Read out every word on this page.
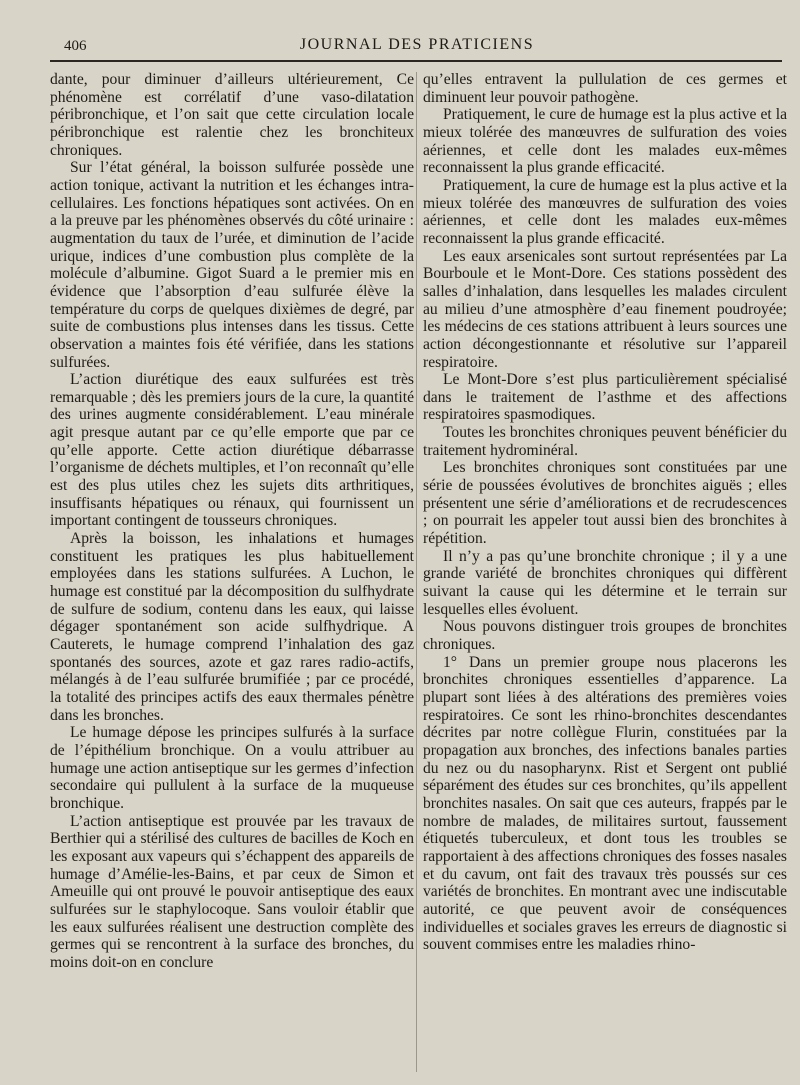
406	JOURNAL DES PRATICIENS

dante, pour diminuer d’ailleurs ultérieurement, Ce phénomène est corrélatif d’une vaso-dilatation péribronchique, et l’on sait que cette circulation locale péribronchique est ralentie chez les bronchiteux chroniques.

Sur l’état général, la boisson sulfurée possède une action tonique, activant la nutrition et les échanges intra-cellulaires. Les fonctions hépatiques sont activées. On en a la preuve par les phénomènes observés du côté urinaire : augmentation du taux de l’urée, et diminution de l’acide urique, indices d’une combustion plus complète de la molécule d’albumine. Gigot Suard a le premier mis en évidence que l’absorption d’eau sulfurée élève la température du corps de quelques dixièmes de degré, par suite de combustions plus intenses dans les tissus. Cette observation a maintes fois été vérifiée, dans les stations sulfurées.

L’action diurétique des eaux sulfurées est très remarquable ; dès les premiers jours de la cure, la quantité des urines augmente considérablement. L’eau minérale agit presque autant par ce qu’elle emporte que par ce qu’elle apporte. Cette action diurétique débarrasse l’organisme de déchets multiples, et l’on reconnaît qu’elle est des plus utiles chez les sujets dits arthritiques, insuffisants hépatiques ou rénaux, qui fournissent un important contingent de tousseurs chroniques.

Après la boisson, les inhalations et humages constituent les pratiques les plus habituellement employées dans les stations sulfurées. A Luchon, le humage est constitué par la décomposition du sulfhydrate de sulfure de sodium, contenu dans les eaux, qui laisse dégager spontanément son acide sulfhydrique. A Cauterets, le humage comprend l’inhalation des gaz spontanés des sources, azote et gaz rares radio-actifs, mélangés à de l’eau sulfurée brumifiée ; par ce procédé, la totalité des principes actifs des eaux thermales pénètre dans les bronches.

Le humage dépose les principes sulfurés à la surface de l’épithélium bronchique. On a voulu attribuer au humage une action antiseptique sur les germes d’infection secondaire qui pullulent à la surface de la muqueuse bronchique.

L’action antiseptique est prouvée par les travaux de Berthier qui a stérilisé des cultures de bacilles de Koch en les exposant aux vapeurs qui s’échappent des appareils de humage d’Amélie-les-Bains, et par ceux de Simon et Ameuille qui ont prouvé le pouvoir antiseptique des eaux sulfurées sur le staphylocoque. Sans vouloir établir que les eaux sulfurées réalisent une destruction complète des germes qui se rencontrent à la surface des bronches, du moins doit-on en conclure

qu’elles entravent la pullulation de ces germes et diminuent leur pouvoir pathogène.

Pratiquement, le cure de humage est la plus active et la mieux tolérée des manœuvres de sulfuration des voies aériennes, et celle dont les malades eux-mêmes reconnaissent la plus grande efficacité.

Pratiquement, la cure de humage est la plus active et la mieux tolérée des manœuvres de sulfuration des voies aériennes, et celle dont les malades eux-mêmes reconnaissent la plus grande efficacité.

Les eaux arsenicales sont surtout représentées par La Bourboule et le Mont-Dore. Ces stations possèdent des salles d’inhalation, dans lesquelles les malades circulent au milieu d’une atmosphère d’eau finement poudroyée; les médecins de ces stations attribuent à leurs sources une action décongestionnante et résolutive sur l’appareil respiratoire.

Le Mont-Dore s’est plus particulièrement spécialisé dans le traitement de l’asthme et des affections respiratoires spasmodiques.

Toutes les bronchites chroniques peuvent bénéficier du traitement hydrominéral.

Les bronchites chroniques sont constituées par une série de poussées évolutives de bronchites aiguës ; elles présentent une série d’améliorations et de recrudescences ; on pourrait les appeler tout aussi bien des bronchites à répétition.

Il n’y a pas qu’une bronchite chronique ; il y a une grande variété de bronchites chroniques qui diffèrent suivant la cause qui les détermine et le terrain sur lesquelles elles évoluent.

Nous pouvons distinguer trois groupes de bronchites chroniques.

1° Dans un premier groupe nous placerons les bronchites chroniques essentielles d’apparence. La plupart sont liées à des altérations des premières voies respiratoires. Ce sont les rhino-bronchites descendantes décrites par notre collègue Flurin, constituées par la propagation aux bronches, des infections banales parties du nez ou du nasopharynx. Rist et Sergent ont publié séparément des études sur ces bronchites, qu’ils appellent bronchites nasales. On sait que ces auteurs, frappés par le nombre de malades, de militaires surtout, faussement étiquetés tuberculeux, et dont tous les troubles se rapportaient à des affections chroniques des fosses nasales et du cavum, ont fait des travaux très poussés sur ces variétés de bronchites. En montrant avec une indiscutable autorité, ce que peuvent avoir de conséquences individuelles et sociales graves les erreurs de diagnostic si souvent commises entre les maladies rhino-
